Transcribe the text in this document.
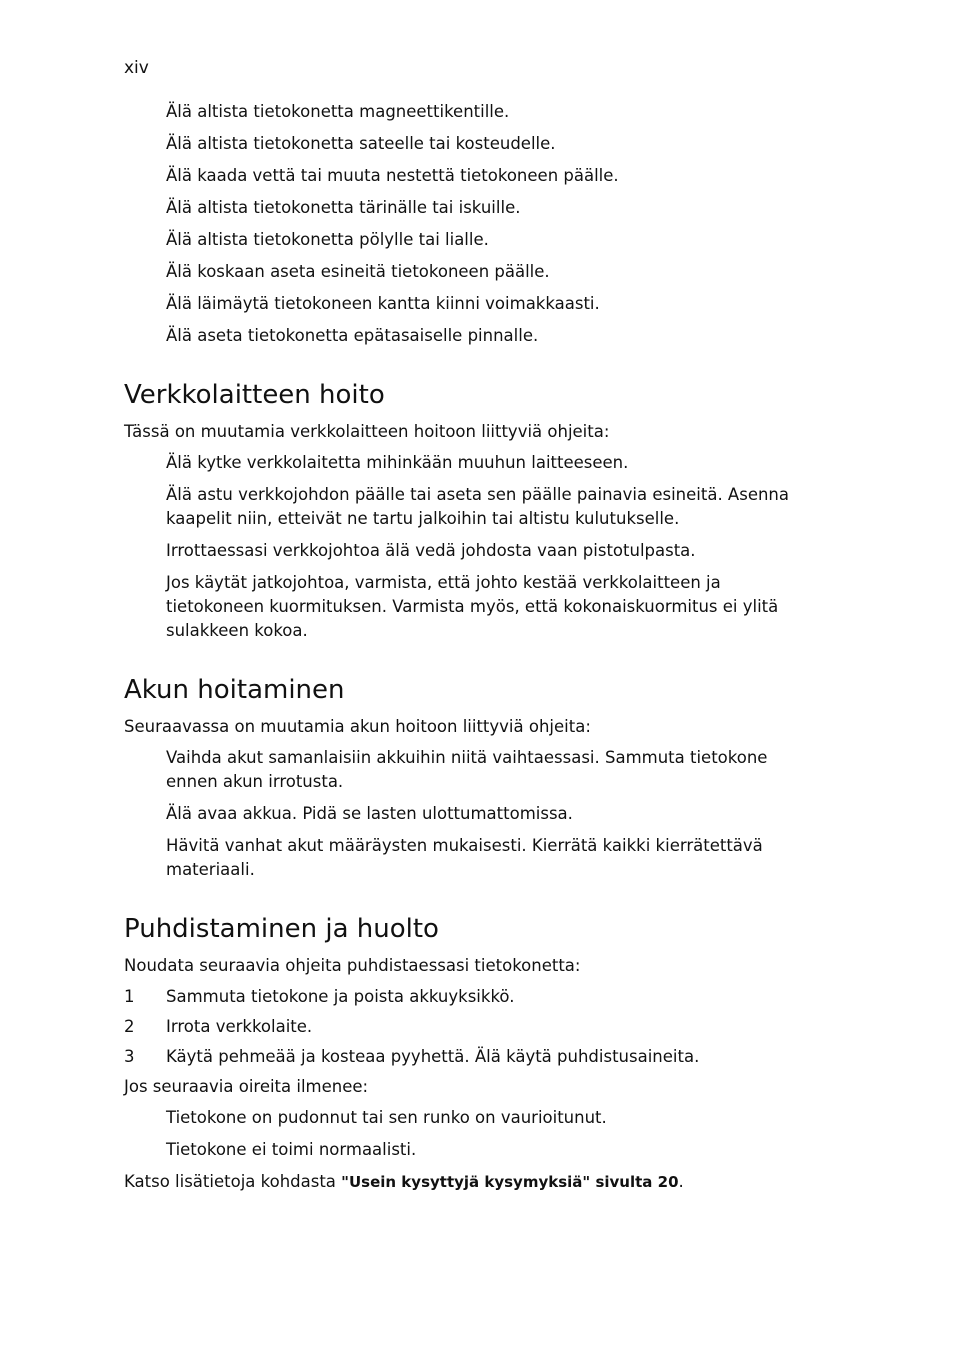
xiv
Älä altista tietokonetta magneettikentille.
Älä altista tietokonetta sateelle tai kosteudelle.
Älä kaada vettä tai muuta nestettä tietokoneen päälle.
Älä altista tietokonetta tärinälle tai iskuille.
Älä altista tietokonetta pölylle tai lialle.
Älä koskaan aseta esineitä tietokoneen päälle.
Älä läimäytä tietokoneen kantta kiinni voimakkaasti.
Älä aseta tietokonetta epätasaiselle pinnalle.
Verkkolaitteen hoito

Tässä on muutamia verkkolaitteen hoitoon liittyviä ohjeita:

Älä kytke verkkolaitetta mihinkään muuhun laitteeseen.
Älä astu verkkojohdon päälle tai aseta sen päälle painavia esineitä. Asenna kaapelit niin, etteivät ne tartu jalkoihin tai altistu kulutukselle.
Irrottaessasi verkkojohtoa älä vedä johdosta vaan pistotulpasta.
Jos käytät jatkojohtoa, varmista, että johto kestää verkkolaitteen ja tietokoneen kuormituksen. Varmista myös, että kokonaiskuormitus ei ylitä sulakkeen kokoa.
Akun hoitaminen

Seuraavassa on muutamia akun hoitoon liittyviä ohjeita:

Vaihda akut samanlaisiin akkuihin niitä vaihtaessasi. Sammuta tietokone ennen akun irrotusta.
Älä avaa akkua. Pidä se lasten ulottumattomissa.
Hävitä vanhat akut määräysten mukaisesti. Kierrätä kaikki kierrätettävä materiaali.
Puhdistaminen ja huolto

Noudata seuraavia ohjeita puhdistaessasi tietokonetta:

1 Sammuta tietokone ja poista akkuyksikkö.
2 Irrota verkkolaite.
3 Käytä pehmeää ja kosteaa pyyhettä. Älä käytä puhdistusaineita.

Jos seuraavia oireita ilmenee:

Tietokone on pudonnut tai sen runko on vaurioitunut.
Tietokone ei toimi normaalisti.

Katso lisätietoja kohdasta "Usein kysyttyjä kysymyksiä" sivulta 20.
